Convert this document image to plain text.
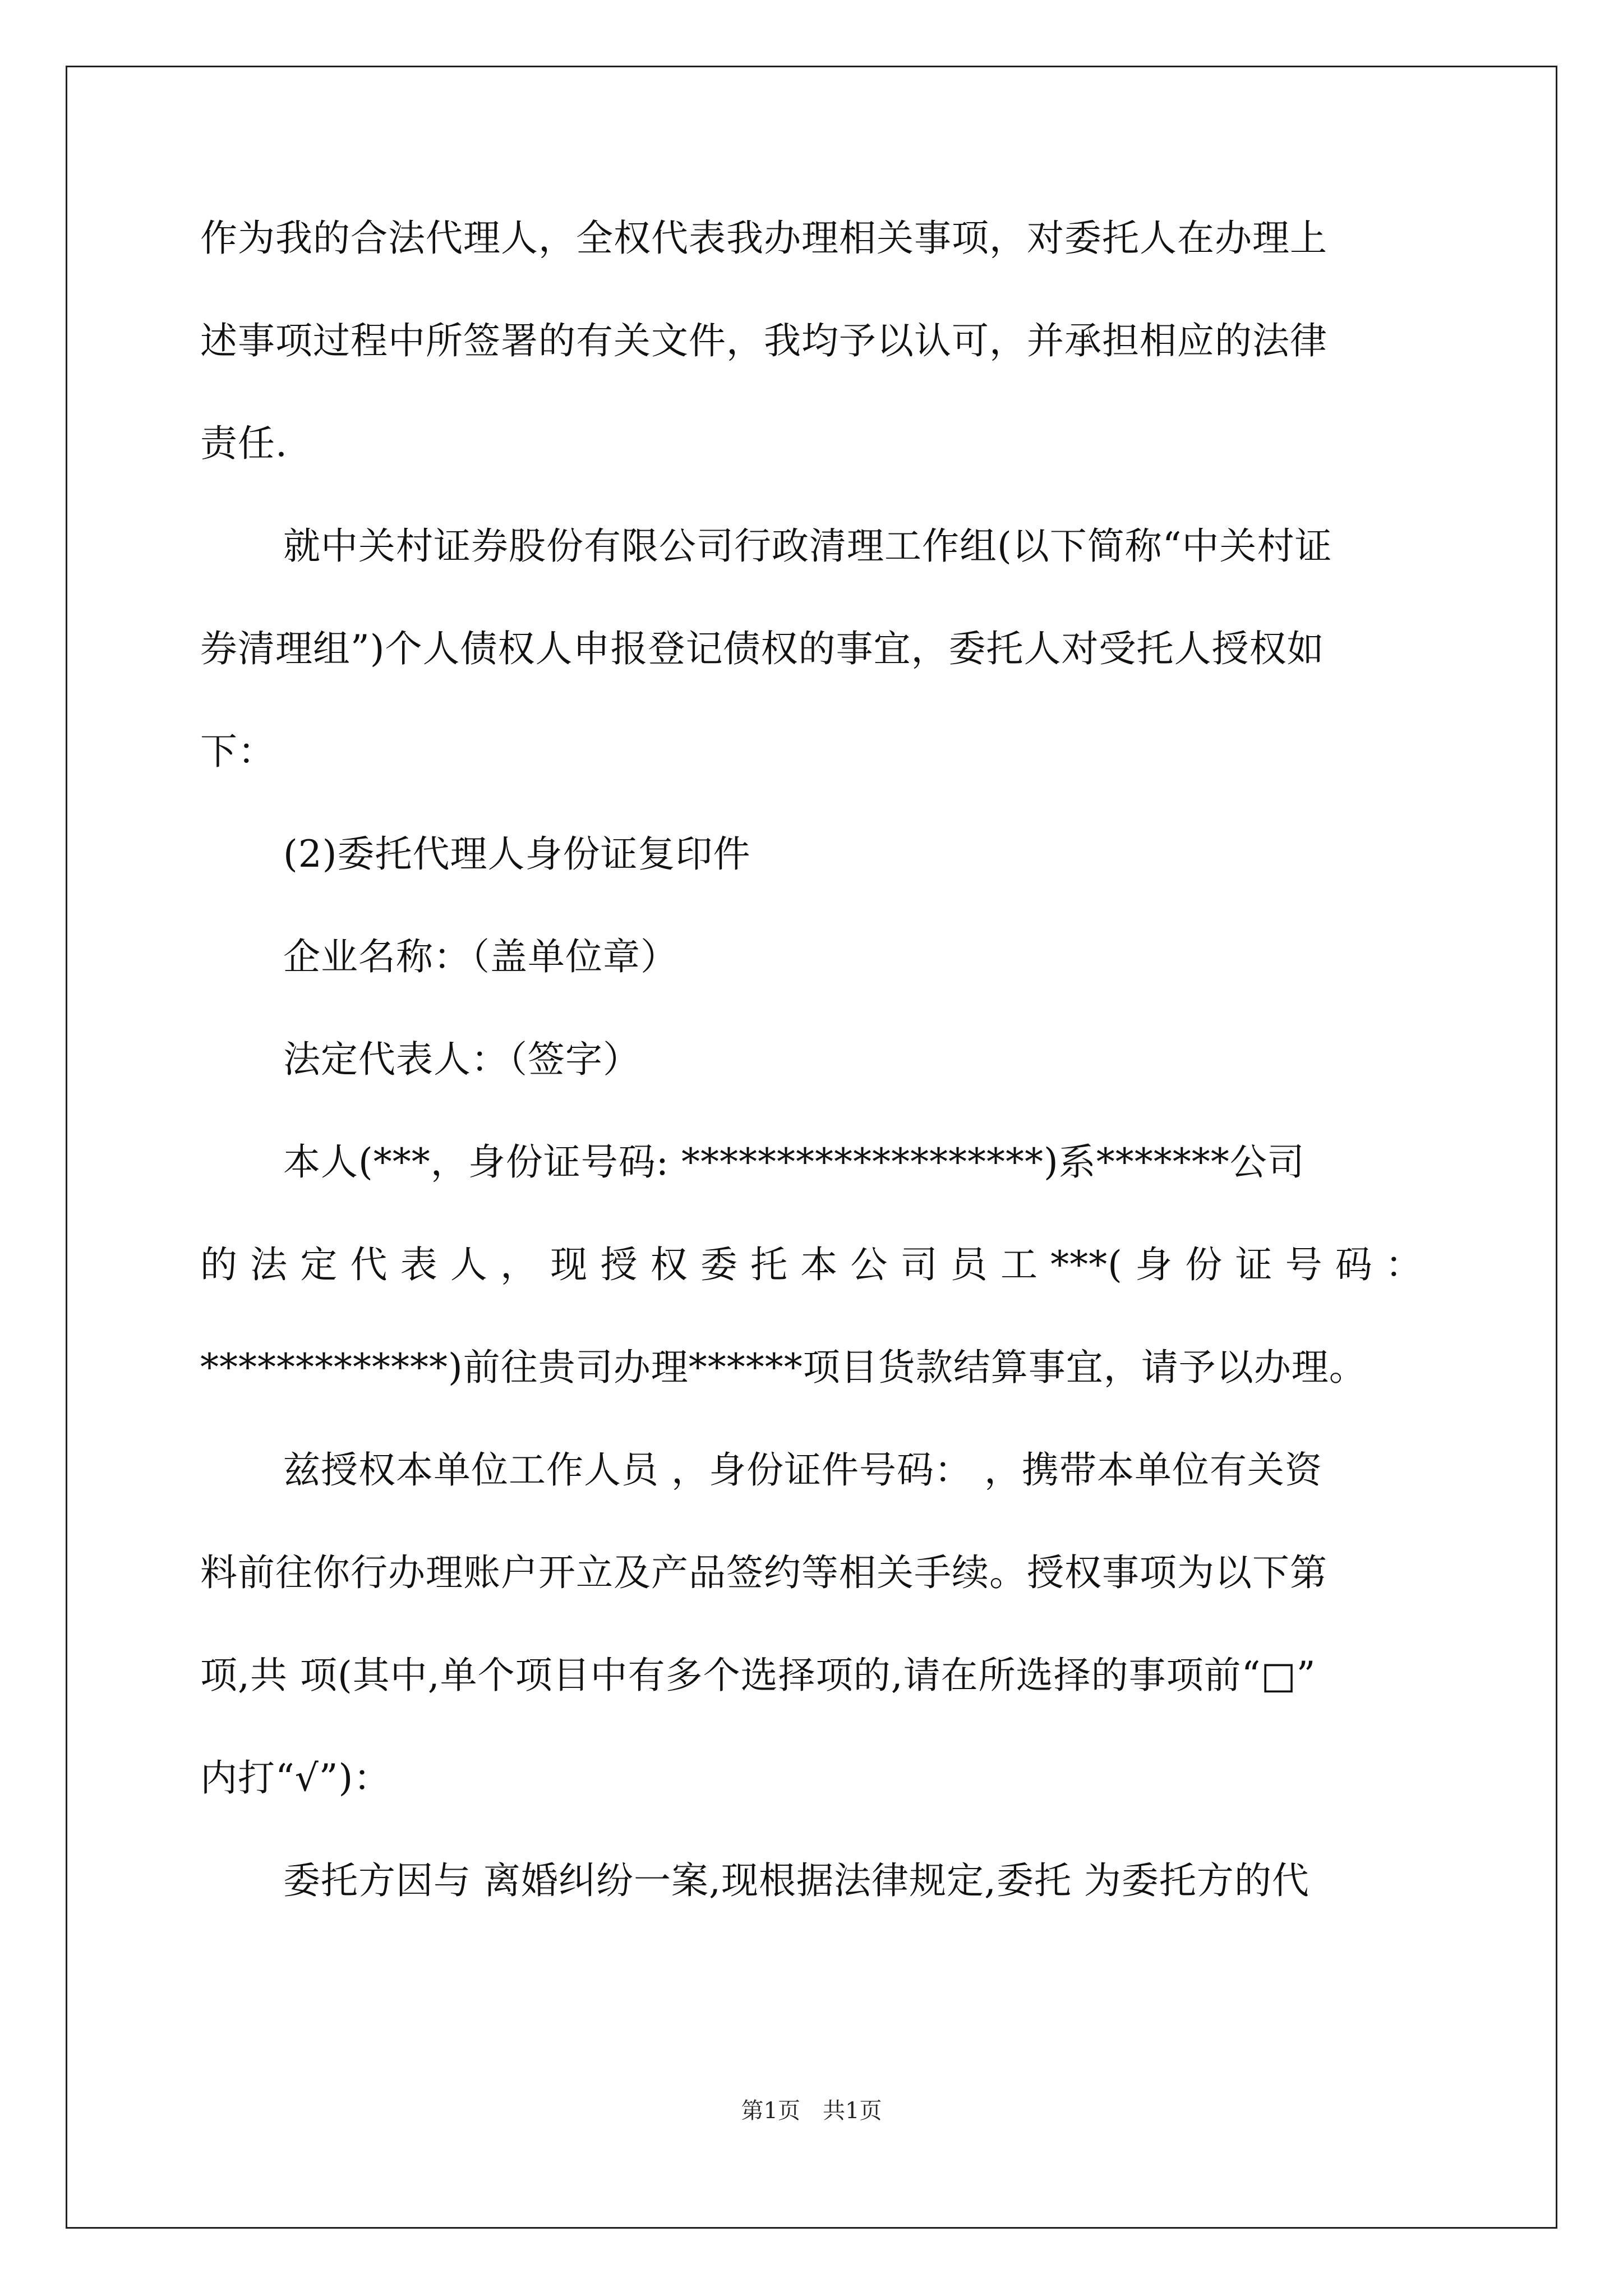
作为我的合法代理人，全权代表我办理相关事项，对委托人在办理上
述事项过程中所签署的有关文件，我均予以认可，并承担相应的法律
责任.
就中关村证券股份有限公司行政清理工作组(以下简称“中关村证
券清理组”)个人债权人申报登记债权的事宜，委托人对受托人授权如
下：
(2)委托代理人身份证复印件
企业名称：（盖单位章）
法定代表人：（签字）
本人(***，身份证号码: *******************)系*******公司
的法定代表人，现授权委托本公司员工***(身份证号码：
*************)前往贵司办理******项目货款结算事宜，请予以办理。
兹授权本单位工作人员 ，身份证件号码： ，携带本单位有关资
料前往你行办理账户开立及产品签约等相关手续。授权事项为以下第
项,共 项(其中,单个项目中有多个选择项的,请在所选择的事项前“□”
内打“√”)：
委托方因与 离婚纠纷一案,现根据法律规定,委托 为委托方的代
第1页　共1页
